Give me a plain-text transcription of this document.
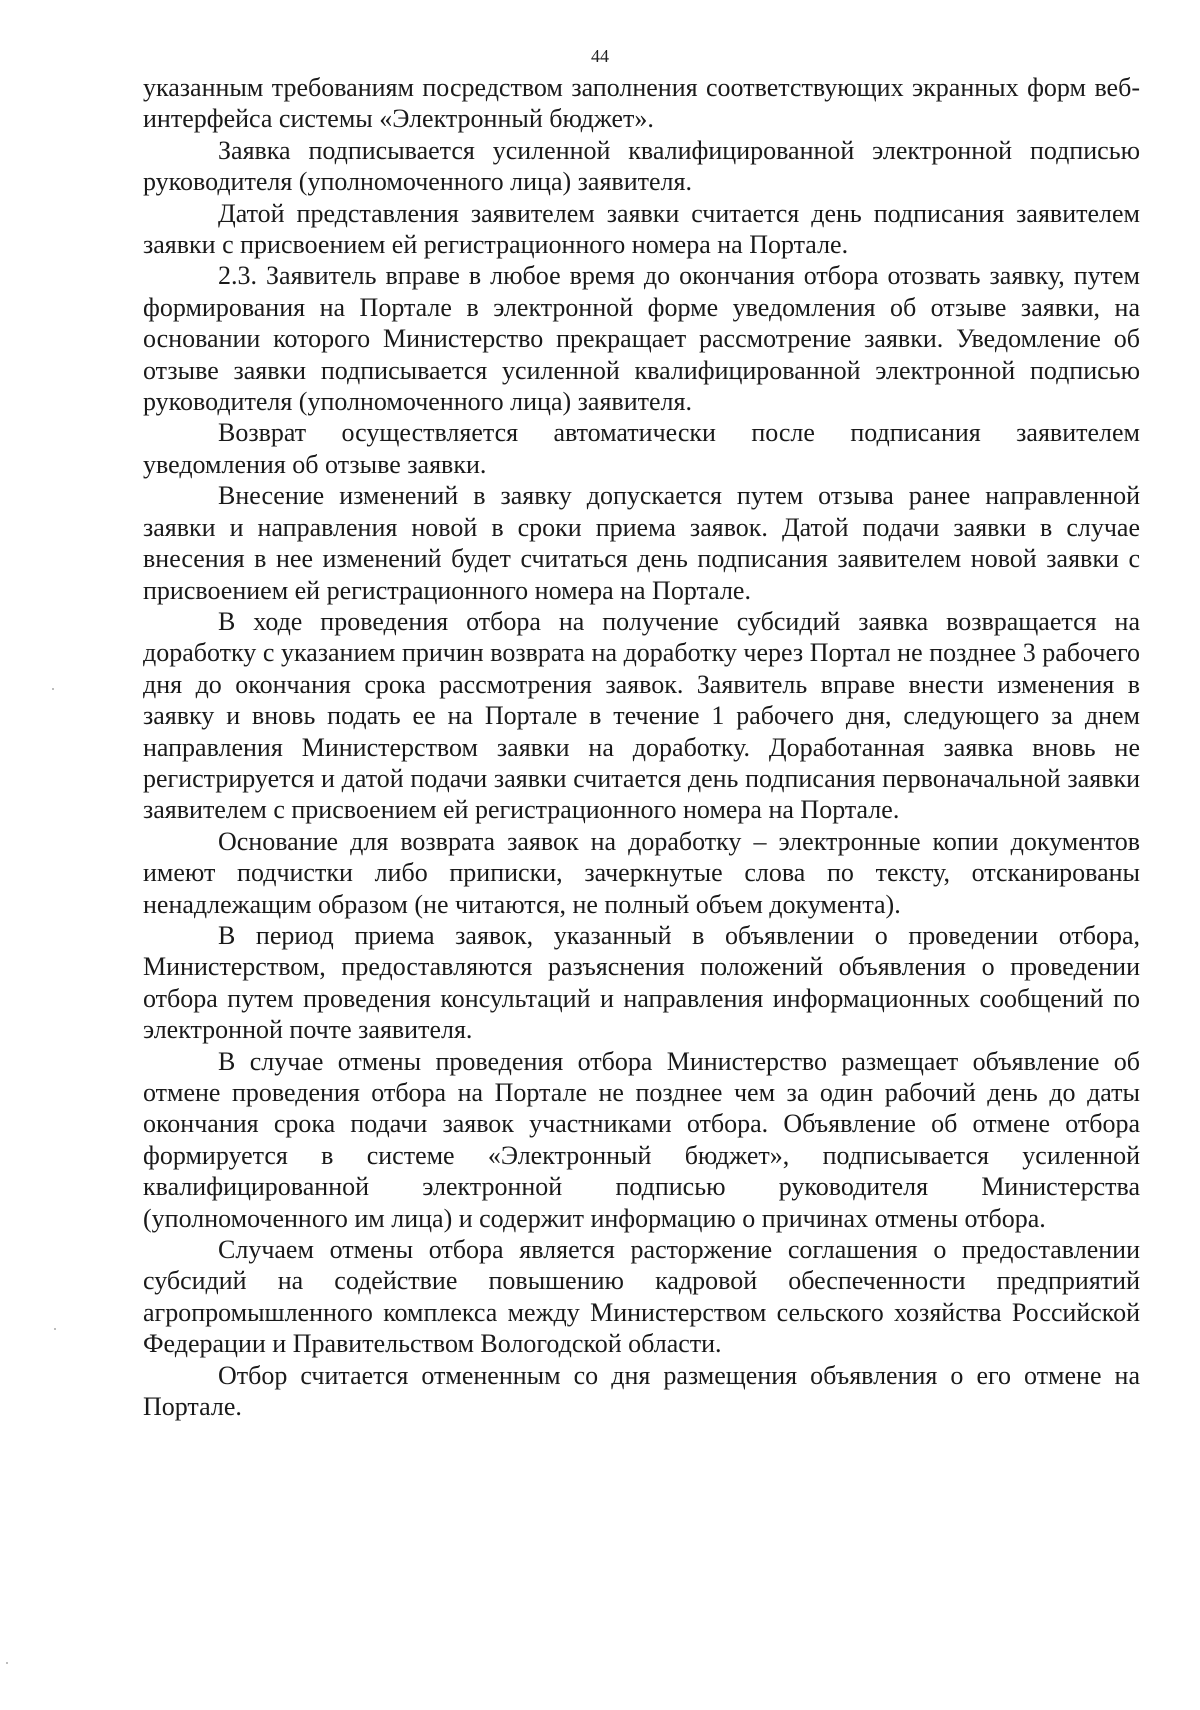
44

указанным требованиям посредством заполнения соответствующих экранных форм веб-интерфейса системы «Электронный бюджет».

Заявка подписывается усиленной квалифицированной электронной подписью руководителя (уполномоченного лица) заявителя.

Датой представления заявителем заявки считается день подписания заявителем заявки с присвоением ей регистрационного номера на Портале.

2.3. Заявитель вправе в любое время до окончания отбора отозвать заявку, путем формирования на Портале в электронной форме уведомления об отзыве заявки, на основании которого Министерство прекращает рассмотрение заявки. Уведомление об отзыве заявки подписывается усиленной квалифицированной электронной подписью руководителя (уполномоченного лица) заявителя.

Возврат осуществляется автоматически после подписания заявителем уведомления об отзыве заявки.

Внесение изменений в заявку допускается путем отзыва ранее направленной заявки и направления новой в сроки приема заявок. Датой подачи заявки в случае внесения в нее изменений будет считаться день подписания заявителем новой заявки с присвоением ей регистрационного номера на Портале.

В ходе проведения отбора на получение субсидий заявка возвращается на доработку с указанием причин возврата на доработку через Портал не позднее 3 рабочего дня до окончания срока рассмотрения заявок. Заявитель вправе внести изменения в заявку и вновь подать ее на Портале в течение 1 рабочего дня, следующего за днем направления Министерством заявки на доработку. Доработанная заявка вновь не регистрируется и датой подачи заявки считается день подписания первоначальной заявки заявителем с присвоением ей регистрационного номера на Портале.

Основание для возврата заявок на доработку – электронные копии документов имеют подчистки либо приписки, зачеркнутые слова по тексту, отсканированы ненадлежащим образом (не читаются, не полный объем документа).

В период приема заявок, указанный в объявлении о проведении отбора, Министерством, предоставляются разъяснения положений объявления о проведении отбора путем проведения консультаций и направления информационных сообщений по электронной почте заявителя.

В случае отмены проведения отбора Министерство размещает объявление об отмене проведения отбора на Портале не позднее чем за один рабочий день до даты окончания срока подачи заявок участниками отбора. Объявление об отмене отбора формируется в системе «Электронный бюджет», подписывается усиленной квалифицированной электронной подписью руководителя Министерства (уполномоченного им лица) и содержит информацию о причинах отмены отбора.

Случаем отмены отбора является расторжение соглашения о предоставлении субсидий на содействие повышению кадровой обеспеченности предприятий агропромышленного комплекса между Министерством сельского хозяйства Российской Федерации и Правительством Вологодской области.

Отбор считается отмененным со дня размещения объявления о его отмене на Портале.
